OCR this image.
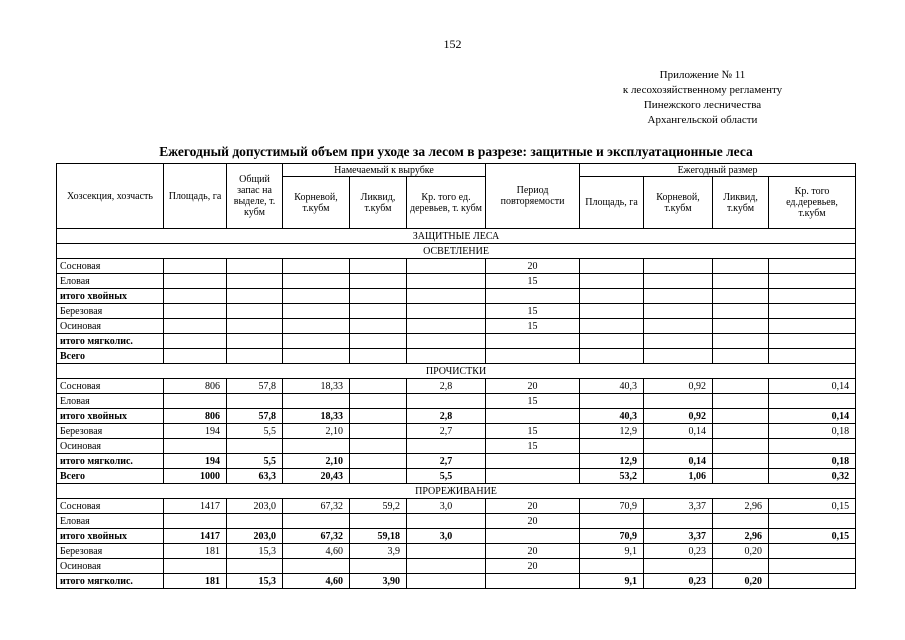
152
Приложение № 11
к лесохозяйственному регламенту
Пинежского лесничества
Архангельской области
Ежегодный допустимый объем при уходе за лесом в разрезе: защитные и эксплуатационные леса
Хозсекция, хозчасть	Площадь, га	Общий запас на выделе, т. кубм	Намечаемый к вырубке			Период повторяемости	Ежегодный размер			
			Корневой, т.кубм	Ликвид, т.кубм	Кр. того ед. деревьев, т. кубм		Площадь, га	Корневой, т.кубм	Ликвид, т.кубм	Кр. того ед.деревьев, т.кубм
ЗАЩИТНЫЕ ЛЕСА										
ОСВЕТЛЕНИЕ										
Сосновая						20				
Еловая						15				
итого хвойных										
Березовая						15				
Осиновая						15				
итого мягколис.										
Всего										
ПРОЧИСТКИ										
Сосновая	806	57,8	18,33		2,8	20	40,3	0,92		0,14
Еловая						15				
итого хвойных	806	57,8	18,33		2,8		40,3	0,92		0,14
Березовая	194	5,5	2,10		2,7	15	12,9	0,14		0,18
Осиновая						15				
итого мягколис.	194	5,5	2,10		2,7		12,9	0,14		0,18
Всего	1000	63,3	20,43		5,5		53,2	1,06		0,32
ПРОРЕЖИВАНИЕ										
Сосновая	1417	203,0	67,32	59,2	3,0	20	70,9	3,37	2,96	0,15
Еловая						20				
итого хвойных	1417	203,0	67,32	59,18	3,0		70,9	3,37	2,96	0,15
Березовая	181	15,3	4,60	3,9		20	9,1	0,23	0,20	
Осиновая						20				
итого мягколис.	181	15,3	4,60	3,90			9,1	0,23	0,20	
